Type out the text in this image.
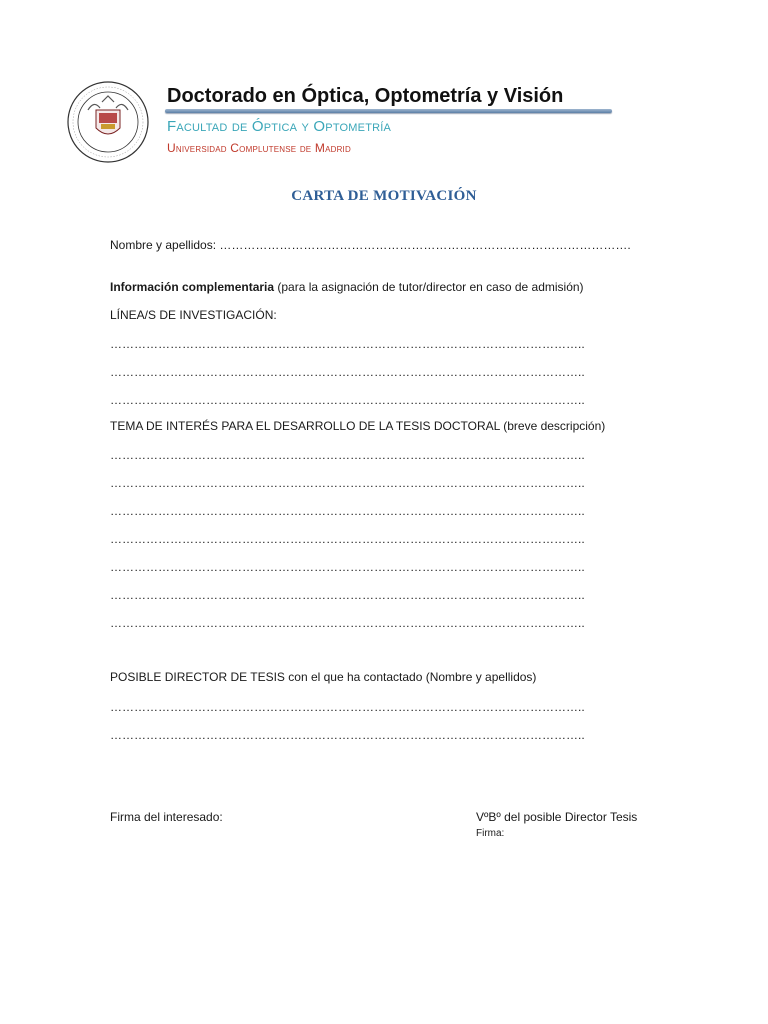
Doctorado en Óptica, Optometría y Visión
Facultad de Óptica y Optometría
Universidad Complutense de Madrid
CARTA DE MOTIVACIÓN
Nombre y apellidos: ………………………………………………………………………………………….
Información complementaria (para la asignación de tutor/director en caso de admisión)
LÍNEA/S DE INVESTIGACIÓN:
………………………………………………………………………………………………………..
………………………………………………………………………………………………………..
………………………………………………………………………………………………………..
TEMA DE INTERÉS PARA EL DESARROLLO DE LA TESIS DOCTORAL (breve descripción)
………………………………………………………………………………………………………..
………………………………………………………………………………………………………..
………………………………………………………………………………………………………..
………………………………………………………………………………………………………..
………………………………………………………………………………………………………..
………………………………………………………………………………………………………..
………………………………………………………………………………………………………..
POSIBLE DIRECTOR DE TESIS con el que ha contactado (Nombre y apellidos)
………………………………………………………………………………………………………..
………………………………………………………………………………………………………..
Firma del interesado:	VºBº del posible Director Tesis
Firma:
